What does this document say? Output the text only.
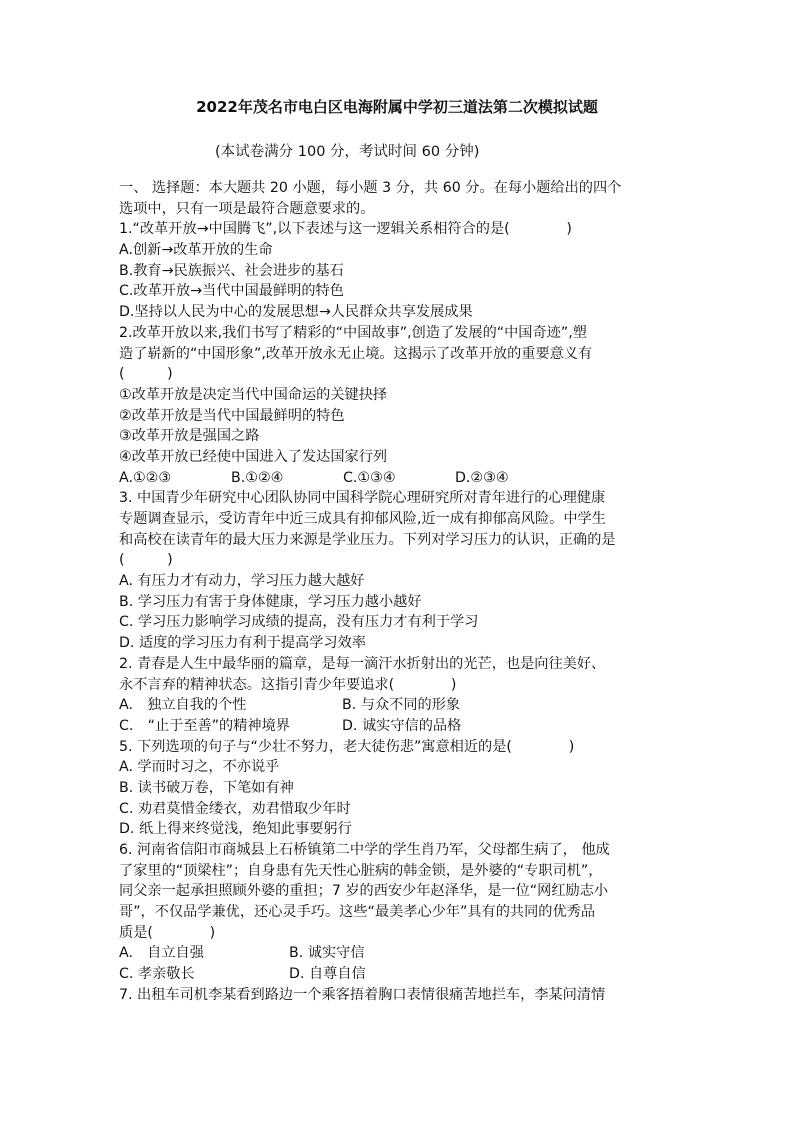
2022年茂名市电白区电海附属中学初三道法第二次模拟试题
(本试卷满分 100 分，考试时间 60 分钟)
一、 选择题：本大题共 20 小题，每小题 3 分，共 60 分。在每小题给出的四个
选项中，只有一项是最符合题意要求的。
1.“改革开放→中国腾飞”,以下表述与这一逻辑关系相符合的是(　　　　)
A.创新→改革开放的生命
B.教育→民族振兴、社会进步的基石
C.改革开放→当代中国最鲜明的特色
D.坚持以人民为中心的发展思想→人民群众共享发展成果
2.改革开放以来,我们书写了精彩的“中国故事”,创造了发展的“中国奇迹”,塑
造了崭新的“中国形象”,改革开放永无止境。这揭示了改革开放的重要意义有
(　　　)
①改革开放是决定当代中国命运的关键抉择
②改革开放是当代中国最鲜明的特色
③改革开放是强国之路
④改革开放已经使中国进入了发达国家行列
A.①②③	B.①②④	C.①③④	D.②③④
3. 中国青少年研究中心团队协同中国科学院心理研究所对青年进行的心理健康
专题调查显示，受访青年中近三成具有抑郁风险,近一成有抑郁高风险。中学生
和高校在读青年的最大压力来源是学业压力。下列对学习压力的认识，正确的是
(　　　)
A. 有压力才有动力，学习压力越大越好
B. 学习压力有害于身体健康，学习压力越小越好
C. 学习压力影响学习成绩的提高，没有压力才有利于学习
D. 适度的学习压力有利于提高学习效率
2. 青春是人生中最华丽的篇章，是每一滴汗水折射出的光芒，也是向往美好、
永不言弃的精神状态。这指引青少年要追求(　　　　)
A.　独立自我的个性	B. 与众不同的形象
C.　“止于至善”的精神境界	D. 诚实守信的品格
5. 下列选项的句子与“少壮不努力，老大徒伤悲”寓意相近的是(　　　　)
A. 学而时习之，不亦说乎
B. 读书破万卷，下笔如有神
C. 劝君莫惜金缕衣，劝君惜取少年时
D. 纸上得来终觉浅，绝知此事要躬行
6. 河南省信阳市商城县上石桥镇第二中学的学生肖乃军，父母都生病了， 他成
了家里的“顶梁柱”；自身患有先天性心脏病的韩金锁，是外婆的“专职司机”，
同父亲一起承担照顾外婆的重担；7 岁的西安少年赵泽华，是一位“网红励志小
哥”，不仅品学兼优，还心灵手巧。这些“最美孝心少年”具有的共同的优秀品
质是(　　　　)
A.　自立自强	B. 诚实守信
C. 孝亲敬长	D. 自尊自信
7. 出租车司机李某看到路边一个乘客捂着胸口表情很痛苦地拦车，李某问清情
